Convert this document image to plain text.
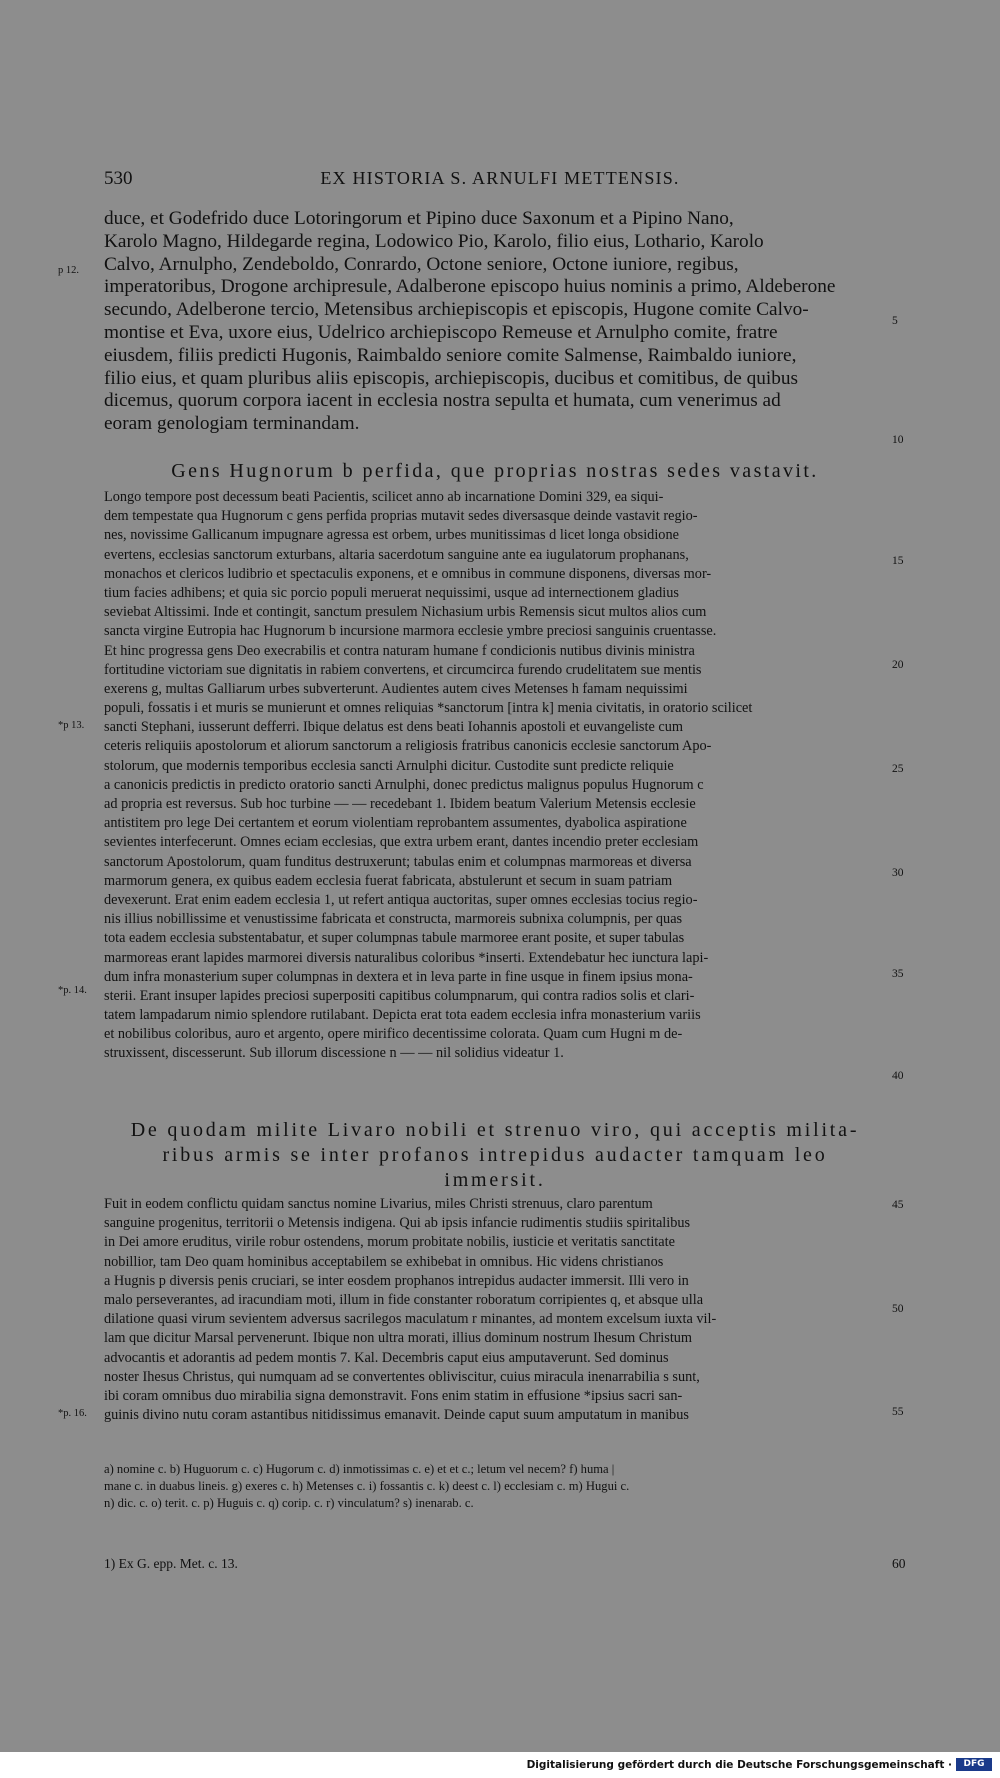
530	EX HISTORIA S. ARNULFI METTENSIS.
duce, et Godefrido duce Lotoringorum et Pipino duce Saxonum et a Pipino Nano,
Karolo Magno, Hildegarde regina, Lodowico Pio, Karolo, filio eius, Lothario, Karolo
Calvo, Arnulpho, Zendeboldo, Conrardo, Octone seniore, Octone iuniore, regibus,
imperatoribus, Drogone archipresule, Adalberone episcopo huius nominis a primo, Aldeberone
secundo, Adelberone tercio, Metensibus archiepiscopis et episcopis, Hugone comite Calvo-
montise et Eva, uxore eius, Udelrico archiepiscopo Remeuse et Arnulpho comite, fratre
eiusdem, filiis predicti Hugonis, Raimbaldo seniore comite Salmense, Raimbaldo iuniore,
filio eius, et quam pluribus aliis episcopis, archiepiscopis, ducibus et comitibus, de quibus
dicemus, quorum corpora iacent in ecclesia nostra sepulta et humata, cum venerimus ad
eoram genologiam terminandam.
Gens Hugnorum b perfida, que proprias nostras sedes vastavit.
Longo tempore post decessum beati Pacientis, scilicet anno ab incarnatione Domini 329, ea siqui-
dem tempestate qua Hugnorum c gens perfida proprias mutavit sedes diversasque deinde vastavit regio-
nes, novissime Gallicanum impugnare agressa est orbem, urbes munitissimas d licet longa obsidione
evertens, ecclesias sanctorum exturbans, altaria sacerdotum sanguine ante ea iugulatorum prophanans,
monachos et clericos ludibrio et spectaculis exponens, et e omnibus in commune disponens, diversas mor-
tium facies adhibens; et quia sic porcio populi meruerat nequissimi, usque ad internectionem gladius
seviebat Altissimi. Inde et contingit, sanctum presulem Nichasium urbis Remensis sicut multos alios cum
sancta virgine Eutropia hac Hugnorum b incursione marmora ecclesie ymbre preciosi sanguinis cruentasse.
Et hinc progressa gens Deo execrabilis et contra naturam humane f condicionis nutibus divinis ministra
fortitudine victoriam sue dignitatis in rabiem convertens, et circumcirca furendo crudelitatem sue mentis
exerens g, multas Galliarum urbes subverterunt. Audientes autem cives Metenses h famam nequissimi
populi, fossatis i et muris se munierunt et omnes reliquias *sanctorum [intra k] menia civitatis, in oratorio scilicet
sancti Stephani, iusserunt defferri. Ibique delatus est dens beati Iohannis apostoli et euvangeliste cum
ceteris reliquiis apostolorum et aliorum sanctorum a religiosis fratribus canonicis ecclesie sanctorum Apo-
stolorum, que modernis temporibus ecclesia sancti Arnulphi dicitur. Custodite sunt predicte reliquie
a canonicis predictis in predicto oratorio sancti Arnulphi, donec predictus malignus populus Hugnorum c
ad propria est reversus. Sub hoc turbine — — recedebant 1. Ibidem beatum Valerium Metensis ecclesie
antistitem pro lege Dei certantem et eorum violentiam reprobantem assumentes, dyabolica aspiratione
sevientes interfecerunt. Omnes eciam ecclesias, que extra urbem erant, dantes incendio preter ecclesiam
sanctorum Apostolorum, quam funditus destruxerunt; tabulas enim et columpnas marmoreas et diversa
marmorum genera, ex quibus eadem ecclesia fuerat fabricata, abstulerunt et secum in suam patriam
devexerunt. Erat enim eadem ecclesia 1, ut refert antiqua auctoritas, super omnes ecclesias tocius regio-
nis illius nobillissime et venustissime fabricata et constructa, marmoreis subnixa columpnis, per quas
tota eadem ecclesia substentabatur, et super columpnas tabule marmoree erant posite, et super tabulas
marmoreas erant lapides marmorei diversis naturalibus coloribus *inserti. Extendebatur hec iunctura lapi-
dum infra monasterium super columpnas in dextera et in leva parte in fine usque in finem ipsius mona-
sterii. Erant insuper lapides preciosi superpositi capitibus columpnarum, qui contra radios solis et clari-
tatem lampadarum nimio splendore rutilabant. Depicta erat tota eadem ecclesia infra monasterium variis
et nobilibus coloribus, auro et argento, opere mirifico decentissime colorata. Quam cum Hugni m de-
struxissent, discesserunt. Sub illorum discessione n — — nil solidius videatur 1.
De quodam milite Livaro nobili et strenuo viro, qui acceptis milita-
ribus armis se inter profanos intrepidus audacter tamquam leo
immersit.
Fuit in eodem conflictu quidam sanctus nomine Livarius, miles Christi strenuus, claro parentum
sanguine progenitus, territorii o Metensis indigena. Qui ab ipsis infancie rudimentis studiis spiritalibus
in Dei amore eruditus, virile robur ostendens, morum probitate nobilis, iusticie et veritatis sanctitate
nobillior, tam Deo quam hominibus acceptabilem se exhibebat in omnibus. Hic videns christianos
a Hugnis p diversis penis cruciari, se inter eosdem prophanos intrepidus audacter immersit. Illi vero in
malo perseverantes, ad iracundiam moti, illum in fide constanter roboratum corripientes q, et absque ulla
dilatione quasi virum sevientem adversus sacrilegos maculatum r minantes, ad montem excelsum iuxta vil-
lam que dicitur Marsal pervenerunt. Ibique non ultra morati, illius dominum nostrum Ihesum Christum
advocantis et adorantis ad pedem montis 7. Kal. Decembris caput eius amputaverunt. Sed dominus
noster Ihesus Christus, qui numquam ad se convertentes obliviscitur, cuius miracula inenarrabilia s sunt,
ibi coram omnibus duo mirabilia signa demonstravit. Fons enim statim in effusione *ipsius sacri san-
guinis divino nutu coram astantibus nitidissimus emanavit. Deinde caput suum amputatum in manibus
a) nomine c. b) Huguorum c. c) Hugorum c. d) inmotissimas c. e) et et c.; letum vel necem? f) huma |
mane c. in duabus lineis. g) exeres c. h) Metenses c. i) fossantis c. k) deest c. l) ecclesiam c. m) Hugui c.
n) dic. c. o) terit. c. p) Huguis c. q) corip. c. r) vinculatum? s) inenarab. c.
1) Ex G. epp. Met. c. 13.	60
p 12.
*p 13.
*p. 14.
*p. 16.
5
10
15
20
25
30
35
40
45
50
55
Digitalisierung gefördert durch die Deutsche Forschungsgemeinschaft ·	DFG
